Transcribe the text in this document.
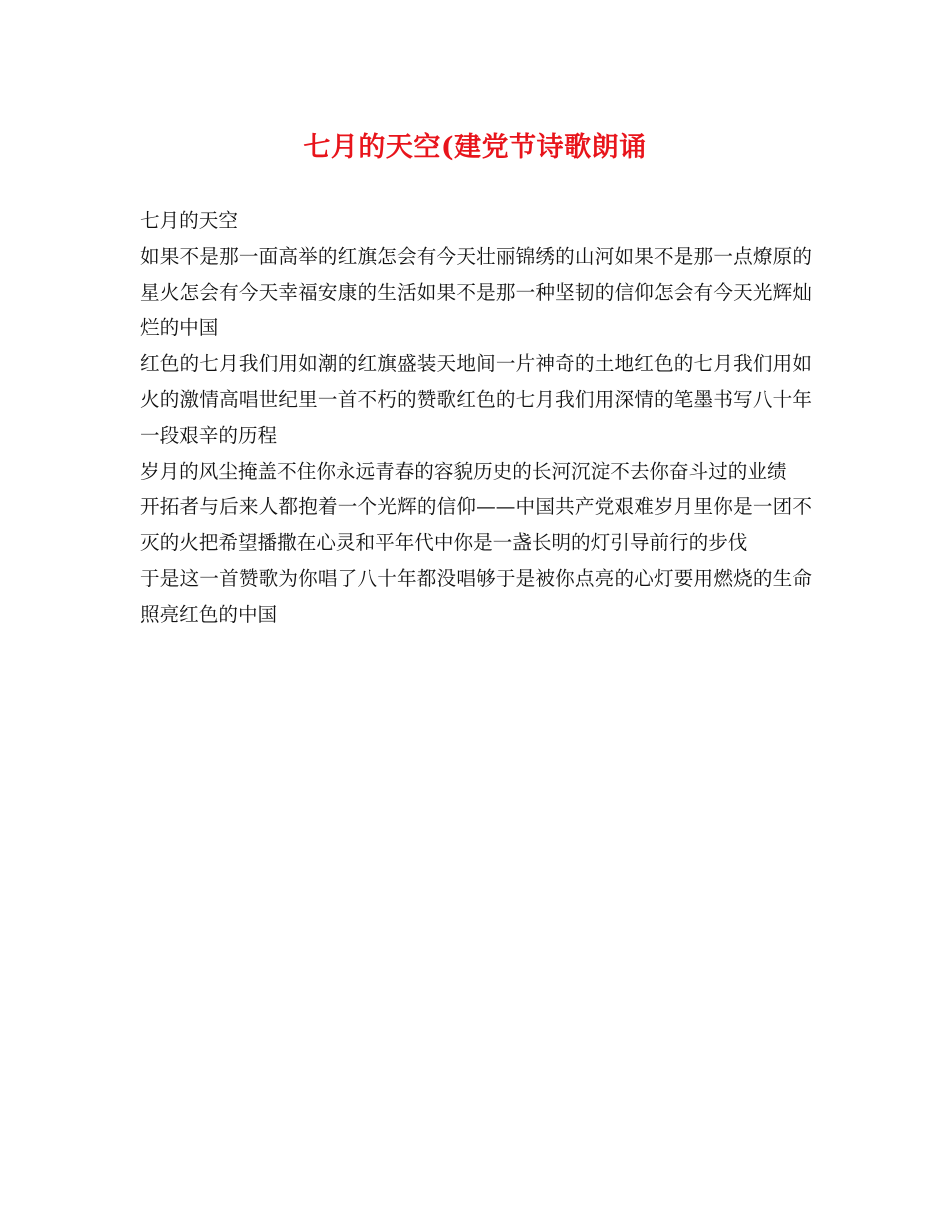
七月的天空(建党节诗歌朗诵

七月的天空

如果不是那一面高举的红旗怎会有今天壮丽锦绣的山河如果不是那一点燎原的星火怎会有今天幸福安康的生活如果不是那一种坚韧的信仰怎会有今天光辉灿烂的中国

红色的七月我们用如潮的红旗盛装天地间一片神奇的土地红色的七月我们用如火的激情高唱世纪里一首不朽的赞歌红色的七月我们用深情的笔墨书写八十年一段艰辛的历程

岁月的风尘掩盖不住你永远青春的容貌历史的长河沉淀不去你奋斗过的业绩

开拓者与后来人都抱着一个光辉的信仰——中国共产党艰难岁月里你是一团不灭的火把希望播撒在心灵和平年代中你是一盏长明的灯引导前行的步伐

于是这一首赞歌为你唱了八十年都没唱够于是被你点亮的心灯要用燃烧的生命照亮红色的中国
